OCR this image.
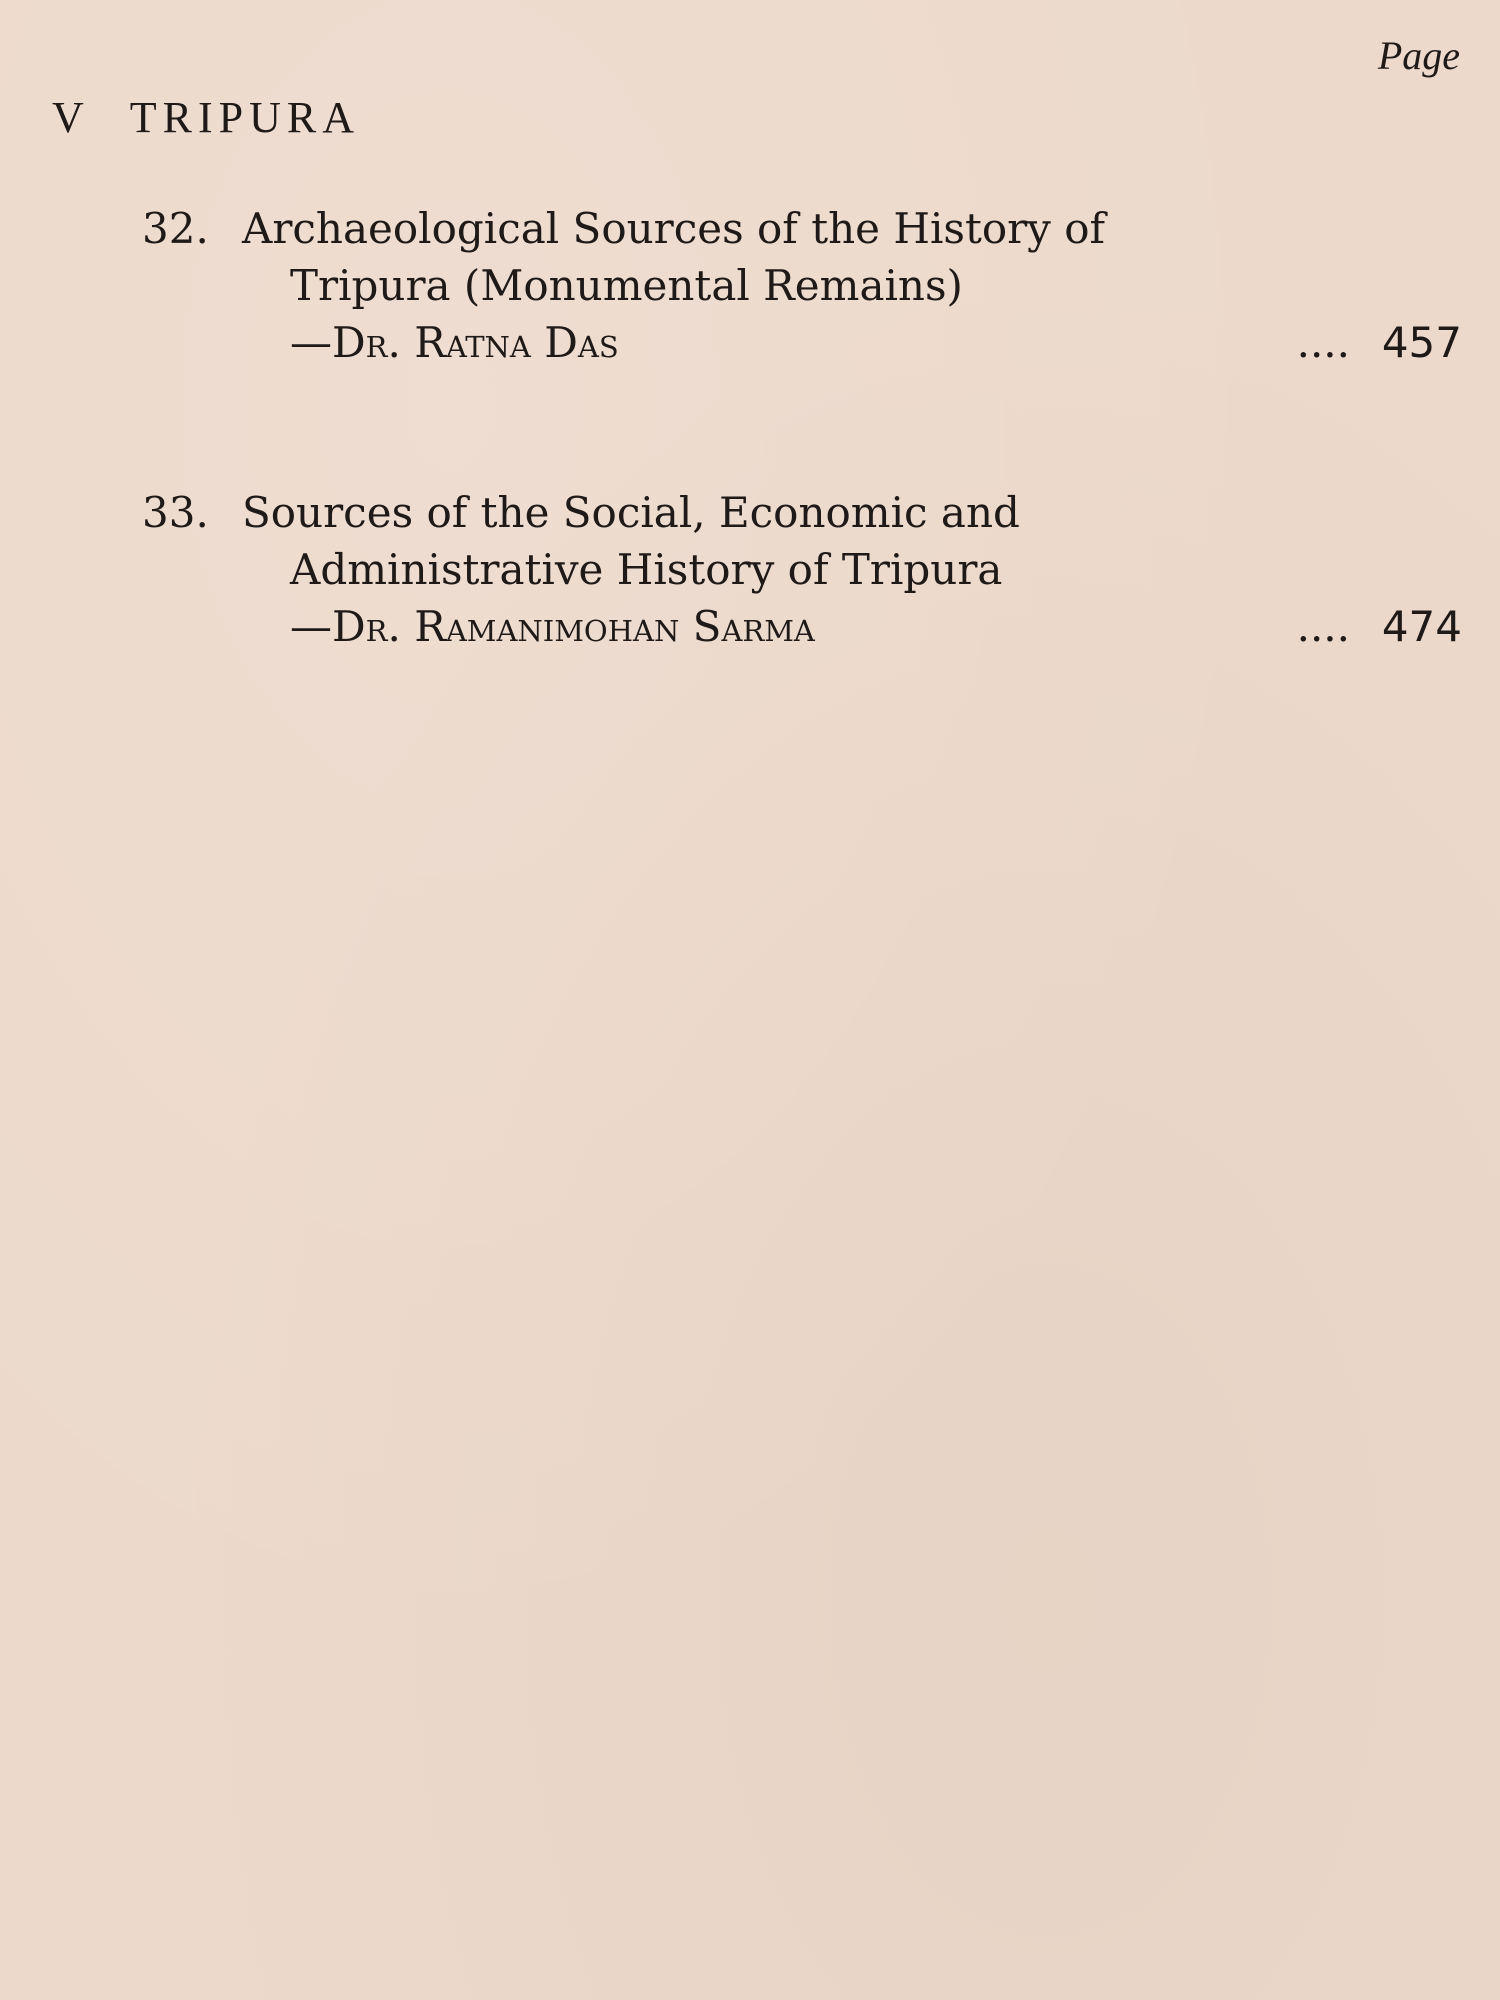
Page
V TRIPURA
32. Archaeological Sources of the History of
Tripura (Monumental Remains)
—Dr. Ratna Das	.... 457
33. Sources of the Social, Economic and
Administrative History of Tripura
—Dr. Ramanimohan Sarma	.... 474
